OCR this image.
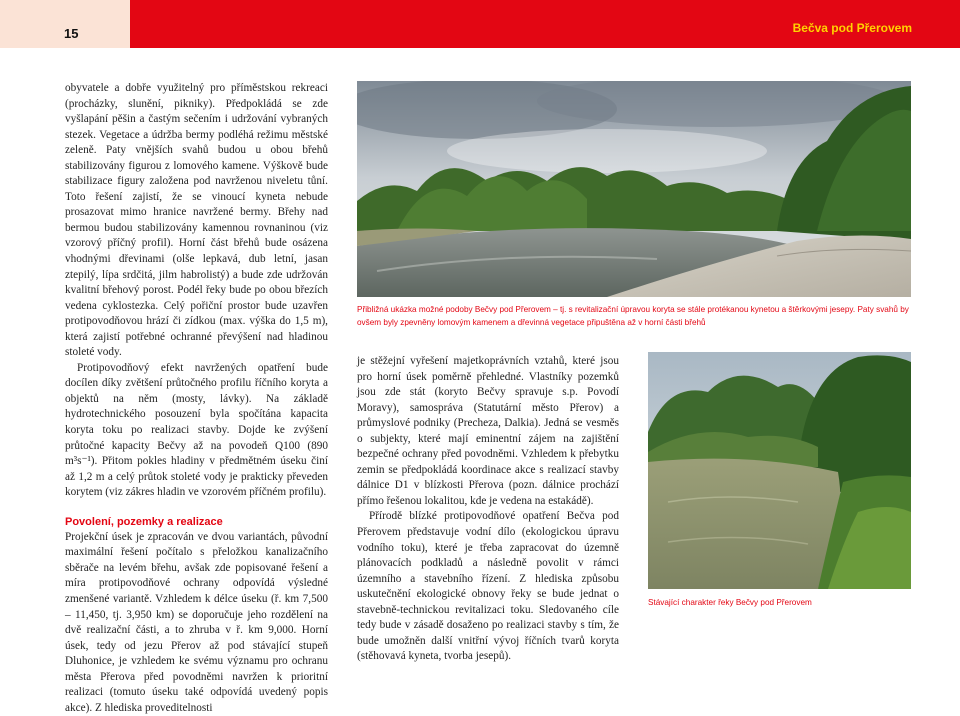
15	Bečva pod Přerovem

obyvatele a dobře využitelný pro příměstskou rekreaci (procházky, slunění, pikniky). Předpokládá se zde vyšlapání pěšin a častým sečením i udržování vybraných stezek. Vegetace a údržba bermy podléhá režimu městské zeleně. Paty vnějších svahů budou u obou břehů stabilizovány figurou z lomového kamene. Výškově bude stabilizace figury založena pod navrženou niveletu tůní. Toto řešení zajistí, že se vinoucí kyneta nebude prosazovat mimo hranice navržené bermy. Břehy nad bermou budou stabilizovány kamennou rovnaninou (viz vzorový příčný profil). Horní část břehů bude osázena vhodnými dřevinami (olše lepkavá, dub letní, jasan ztepilý, lípa srdčitá, jilm habrolistý) a bude zde udržován kvalitní břehový porost. Podél řeky bude po obou březích vedena cyklostezka. Celý pořiční prostor bude uzavřen protipovodňovou hrází či zídkou (max. výška do 1,5 m), která zajistí potřebné ochranné převýšení nad hladinou stoleté vody.

Protipovodňový efekt navržených opatření bude docílen díky zvětšení průtočného profilu říčního koryta a objektů na něm (mosty, lávky). Na základě hydrotechnického posouzení byla spočítána kapacita koryta toku po realizaci stavby. Dojde ke zvýšení průtočné kapacity Bečvy až na povodeň Q100 (890 m³s⁻¹). Přitom pokles hladiny v předmětném úseku činí až 1,2 m a celý průtok stoleté vody je prakticky převeden korytem (viz zákres hladin ve vzorovém příčném profilu).

Povolení, pozemky a realizace

Projekční úsek je zpracován ve dvou variantách, původní maximální řešení počítalo s přeložkou kanalizačního sběrače na levém břehu, avšak zde popisované řešení a míra protipovodňové ochrany odpovídá výsledné zmenšené variantě. Vzhledem k délce úseku (ř. km 7,500 – 11,450, tj. 3,950 km) se doporučuje jeho rozdělení na dvě realizační části, a to zhruba v ř. km 9,000. Horní úsek, tedy od jezu Přerov až pod stávající stupeň Dluhonice, je vzhledem ke svému významu pro ochranu města Přerova před povodněmi navržen k prioritní realizaci (tomuto úseku také odpovídá uvedený popis akce). Z hlediska proveditelnosti

Přibližná ukázka možné podoby Bečvy pod Přerovem – tj. s revitalizační úpravou koryta se stále protékanou kynetou a štěrkovými jesepy. Paty svahů by ovšem byly zpevněny lomovým kamenem a dřevinná vegetace připuštěna až v horní části břehů

je stěžejní vyřešení majetkoprávních vztahů, které jsou pro horní úsek poměrně přehledné. Vlastníky pozemků jsou zde stát (koryto Bečvy spravuje s.p. Povodí Moravy), samospráva (Statutární město Přerov) a průmyslové podniky (Precheza, Dalkia). Jedná se vesměs o subjekty, které mají eminentní zájem na zajištění bezpečné ochrany před povodněmi. Vzhledem k přebytku zemin se předpokládá koordinace akce s realizací stavby dálnice D1 v blízkosti Přerova (pozn. dálnice prochází přímo řešenou lokalitou, kde je vedena na estakádě).

Přírodě blízké protipovodňové opatření Bečva pod Přerovem představuje vodní dílo (ekologickou úpravu vodního toku), které je třeba zapracovat do územně plánovacích podkladů a následně povolit v rámci územního a stavebního řízení. Z hlediska způsobu uskutečnění ekologické obnovy řeky se bude jednat o stavebně-technickou revitalizaci toku. Sledovaného cíle tedy bude v zásadě dosaženo po realizaci stavby s tím, že bude umožněn další vnitřní vývoj říčních tvarů koryta (stěhovavá kyneta, tvorba jesepů).

Stávající charakter řeky Bečvy pod Přerovem
